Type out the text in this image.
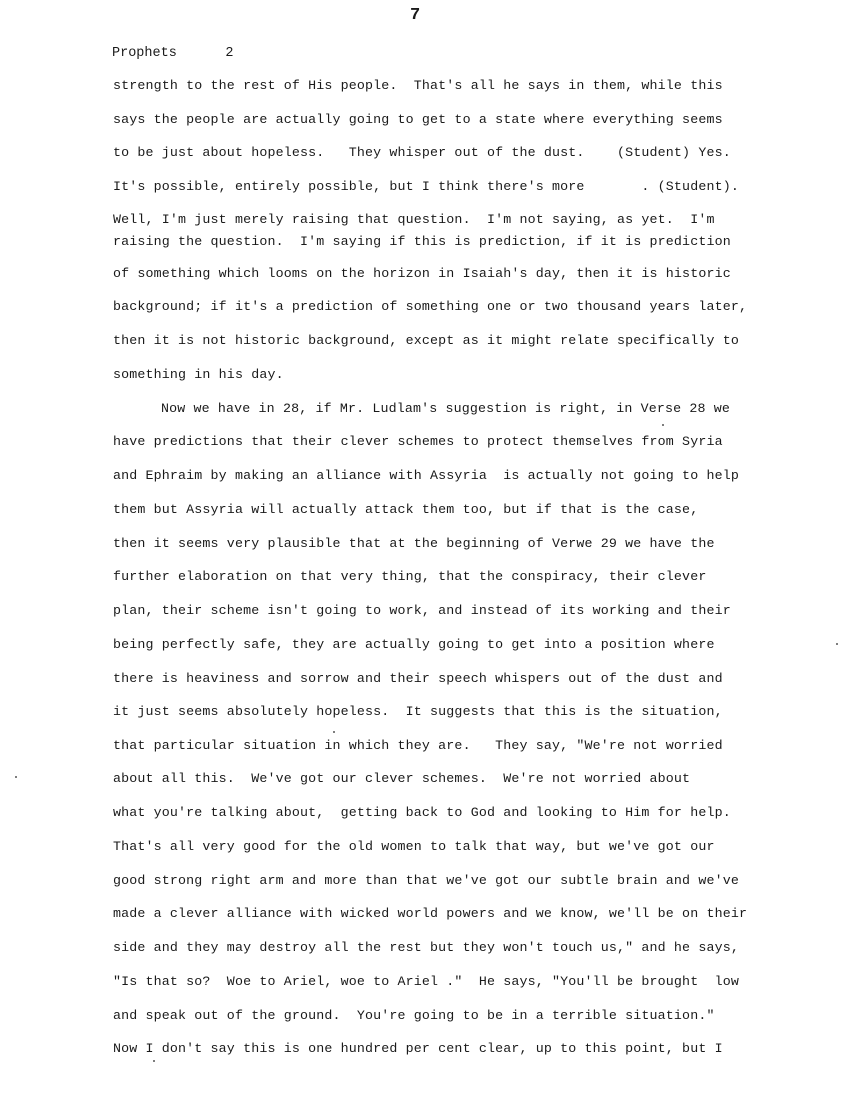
7
Prophets	2
strength to the rest of His people.  That's all he says in them, while this
says the people are actually going to get to a state where everything seems
to be just about hopeless.   They whisper out of the dust.    (Student) Yes.
It's possible, entirely possible, but I think there's more       . (Student).
Well, I'm just merely raising that question.  I'm not saying, as yet.  I'm
raising the question.  I'm saying if this is prediction, if it is prediction
of something which looms on the horizon in Isaiah's day, then it is historic
background; if it's a prediction of something one or two thousand years later,
then it is not historic background, except as it might relate specifically to
something in his day.
Now we have in 28, if Mr. Ludlam's suggestion is right, in Verse 28 we
have predictions that their clever schemes to protect themselves from Syria
and Ephraim by making an alliance with Assyria  is actually not going to help
them but Assyria will actually attack them too, but if that is the case,
then it seems very plausible that at the beginning of Verwe 29 we have the
further elaboration on that very thing, that the conspiracy, their clever
plan, their scheme isn't going to work, and instead of its working and their
being perfectly safe, they are actually going to get into a position where
there is heaviness and sorrow and their speech whispers out of the dust and
it just seems absolutely hopeless.  It suggests that this is the situation,
that particular situation in which they are.   They say, "We're not worried
about all this.  We've got our clever schemes.  We're not worried about
what you're talking about,  getting back to God and looking to Him for help.
That's all very good for the old women to talk that way, but we've got our
good strong right arm and more than that we've got our subtle brain and we've
made a clever alliance with wicked world powers and we know, we'll be on their
side and they may destroy all the rest but they won't touch us," and he says,
"Is that so?  Woe to Ariel, woe to Ariel ."  He says, "You'll be brought  low
and speak out of the ground.  You're going to be in a terrible situation."
Now I don't say this is one hundred per cent clear, up to this point, but I
